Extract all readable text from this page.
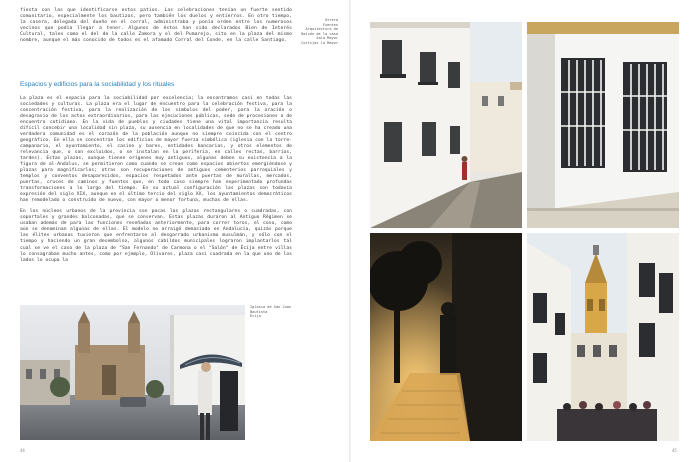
fiesta con las que identificarse estos patios. Las celebraciones tenían un fuerte sentido comunitario, especialmente los bautizos, pero también los duelos y entierros. En otro tiempo, la casera, delegada del dueño en el corral, administraba y ponía orden entre los numerosos vecinos que podía llegar a tener. Algunos de éstos han sido declarados Bien de Interés Cultural, tales como el del de la calle Zamora y el del Pumarejo, sito en la plaza del mismo nombre, aunque el más conocido de todos es el afamado Corral del Conde, en la calle Santiago.

Espacios y edificios para la sociabilidad y los rituales

La plaza es el espacio para la sociabilidad por excelencia; la encontramos casi en todas las sociedades y culturas. La plaza era el lugar de encuentro para la celebración festiva, para la concentración festiva, para la realización de los símbolos del poder, para la oración o desagravio de los actos extraordinarios, para las ejecuciones públicas, sede de procesiones o de encuentro cotidiano. En la vida de pueblos y ciudades tiene una vital importancia resulta difícil concebir una localidad sin plaza, su ausencia en localidades de que no se ha creado una verdadera comunidad es el corazón de la población aunque no siempre coincida con el centro geográfico. En ella se concentran los edificios de mayor fuerza simbólica (iglesia con la torre-campanario, el ayuntamiento, el casino y bares, entidades bancarias, y otros elementos de relevancia que, o son excluidos, o se instalan en la periferia, en calles rectas, barrios, tardes). Estas plazas, aunque tienen orígenes muy antiguos, algunas deben su existencia a la figura de al-Andalus, se permitieron como cuando se crean como espacios abiertos emergiéndose y plazas para magnificarlos; otras son recuperaciones de antiguos cementerios parroquiales y templos y conventos desaparecidos, espacios respetados ante puertas de murallas, mercados, puertas, cruces de caminos y fuentes que, en todo caso siempre han experimentado profundas transformaciones a lo largo del tiempo. En su actual configuración las plazas son todavía expresión del siglo XIX, aunque en el último tercio del siglo XX, los ayuntamientos democráticos han remodelado o construido de nuevo, con mayor o menor fortuna, muchas de ellas.

En los núcleos urbanos de la provincia son pocas las plazas rectangulares o cuadradas, con soportales y grandes balconadas, que se conservan. Estas plazas duraron al Antiguo Régimen se usaban además de para las funciones reseñadas anteriormente, para correr toros, el coso, como aún se denominan algunas de ellas. El modelo no arraigó demasiado en Andalucía, quizás porque las élites urbanas tuvieron que enfrentarse al desgarrado urbanismo musulmán, y sólo con el tiempo y haciendo un gran desembolso, algunos cabildos municipales lograron implantarlos tal cual se ve el caso de la plaza de "San Fernando" de Carmona o el "Salón" de Écija entre villas lo consagraban mucho antes, como por ejemplo, Olivares, plaza casi cuadrada en la que uno de los lados lo ocupa la

Utrera
Fuentes
Arquitectura de
Balcón de la casa
Sala Mayor
Cortijos la Mayor
Iglesia de San Juan Bautista
Écija
44	45
